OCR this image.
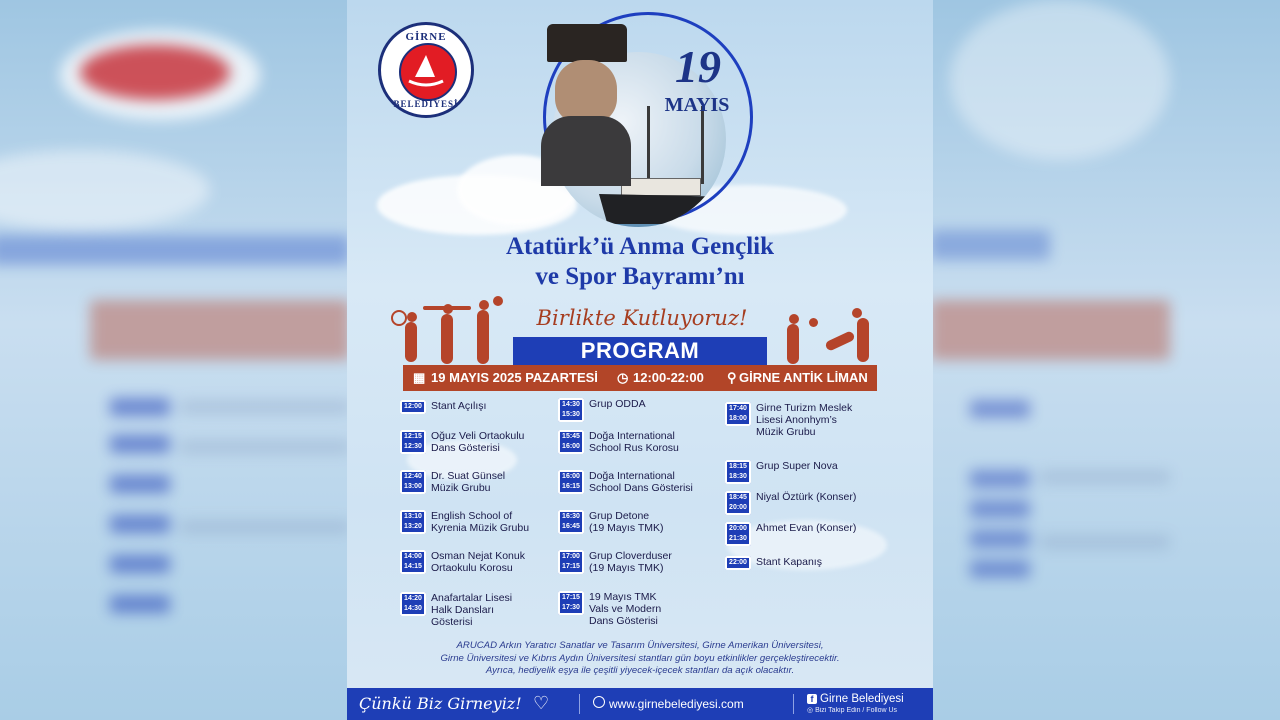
GİRNE
BELEDİYESİ
19
MAYIS
Atatürk’ü Anma Gençlik
ve Spor Bayramı’nı
Birlikte Kutluyoruz!
PROGRAM
▦ 19 MAYIS 2025 PAZARTESİ ◷ 12:00-22:00 ⚲ GİRNE ANTİK LİMAN
12:00 Stant Açılışı
12:15
12:30
Oğuz Veli Ortaokulu
Dans Gösterisi
12:40
13:00
Dr. Suat Günsel
Müzik Grubu
13:10
13:20
English School of
Kyrenia Müzik Grubu
14:00
14:15
Osman Nejat Konuk
Ortaokulu Korosu
14:20
14:30
Anafartalar Lisesi
Halk Dansları
Gösterisi
14:30
15:30
Grup ODDA
15:45
16:00
Doğa International
School Rus Korosu
16:00
16:15
Doğa International
School Dans Gösterisi
16:30
16:45
Grup Detone
(19 Mayıs TMK)
17:00
17:15
Grup Cloverduser
(19 Mayıs TMK)
17:15
17:30
19 Mayıs TMK
Vals ve Modern
Dans Gösterisi
17:40
18:00
Girne Turizm Meslek
Lisesi Anonhym’s
Müzik Grubu
18:15
18:30
Grup Super Nova
18:45
20:00
Niyal Öztürk (Konser)
20:00
21:30
Ahmet Evan (Konser)
22:00 Stant Kapanış
ARUCAD Arkın Yaratıcı Sanatlar ve Tasarım Üniversitesi, Girne Amerikan Üniversitesi,
Girne Üniversitesi ve Kıbrıs Aydın Üniversitesi stantları gün boyu etkinlikler gerçekleştirecektir.
Ayrıca, hediyelik eşya ile çeşitli yiyecek-içecek stantları da açık olacaktır.
Çünkü Biz Girneyiz! ♡	www.girnebelediyesi.com	f Girne Belediyesi
◎ Bizi Takip Edin / Follow Us
